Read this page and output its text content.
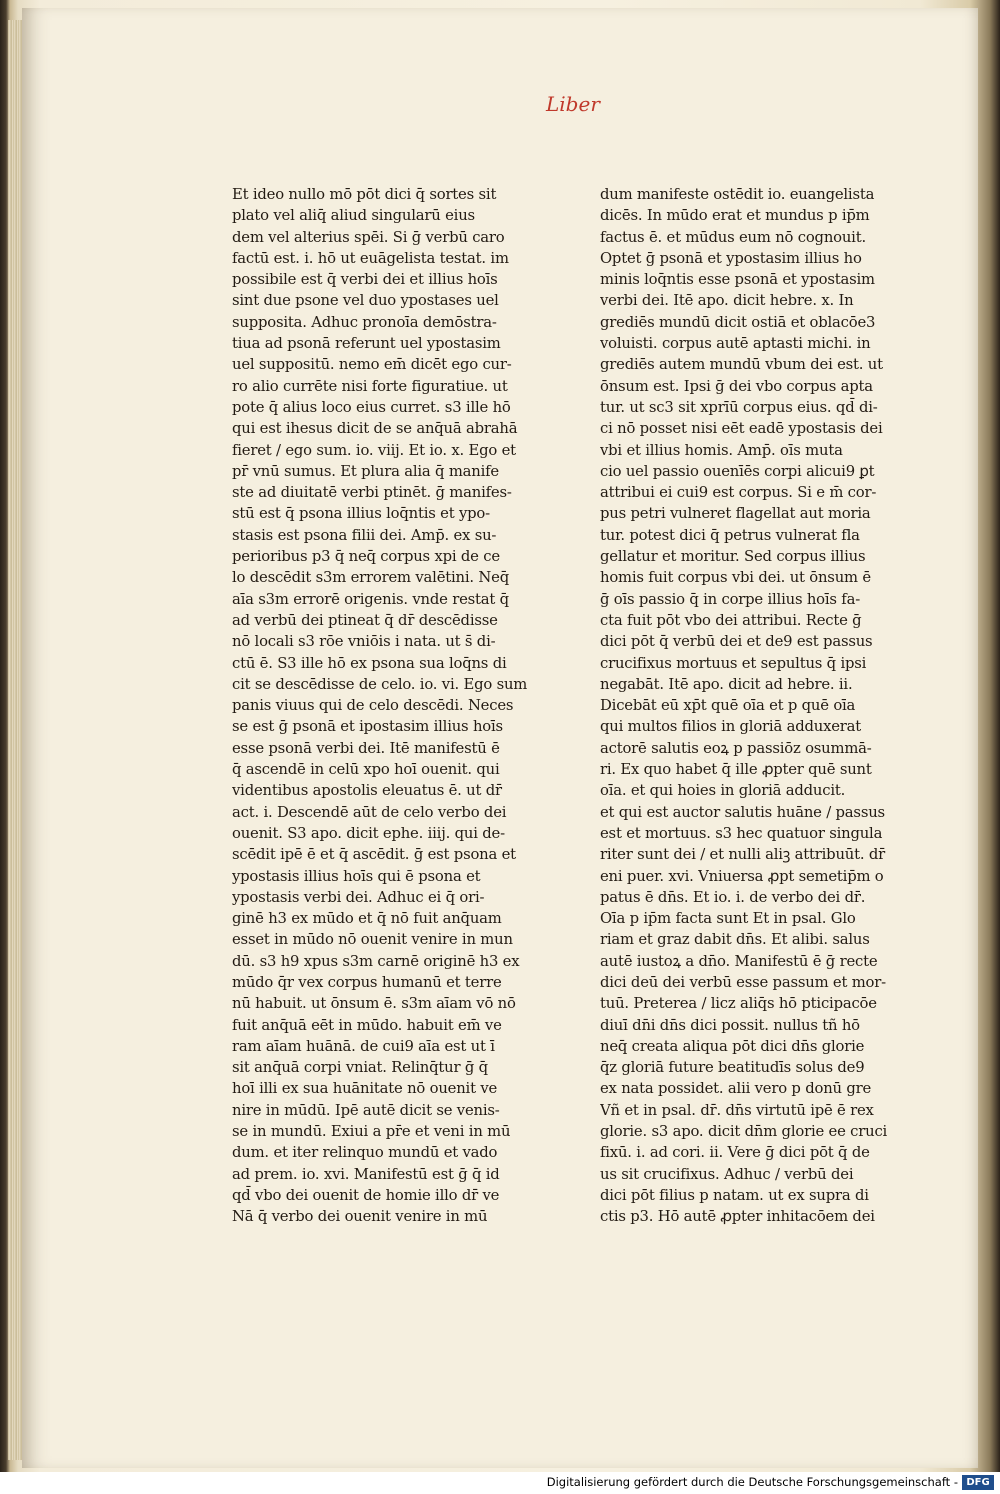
Liber
Et ideo nullo mō pōt dici q̄ sortes sit
plato vel aliq̄ aliud singularū eius
dem vel alterius spēi. Si ḡ verbū caro
factū est. i. hō ut euāgelista testat. im
possibile est q̄ verbi dei et illius hoīs
sint due psone vel duo ypostases uel
supposita. Adhuc pronoīa demōstra-
tiua ad psonā referunt uel ypostasim
uel suppositū. nemo em̄ dicēt ego cur-
ro alio currēte nisi forte figuratiue. ut
pote q̄ alius loco eius curret. s3 ille hō
qui est ihesus dicit de se anq̄uā abrahā
fieret / ego sum. io. viij. Et io. x. Ego et
pr̄ vnū sumus. Et plura alia q̄ manife
ste ad diuitatē verbi ptinēt. ḡ manifes-
stū est q̄ psona illius loq̄ntis et ypo-
stasis est psona filii dei. Amp̄. ex su-
perioribus p3 q̄ neq̄ corpus xpi de ce
lo descēdit s3m errorem valētini. Neq̄
aīa s3m errorē origenis. vnde restat q̄
ad verbū dei ptineat q̄ dr̄ descēdisse
nō locali s3 rōe vniōis i nata. ut s̄ di-
ctū ē. S3 ille hō ex psona sua loq̄ns di
cit se descēdisse de celo. io. vi. Ego sum
panis viuus qui de celo descēdi. Neces
se est ḡ psonā et ipostasim illius hoīs
esse psonā verbi dei. Itē manifestū ē
q̄ ascendē in celū xpo hoī ouenit. qui
videntibus apostolis eleuatus ē. ut dr̄
act. i. Descendē aūt de celo verbo dei
ouenit. S3 apo. dicit ephe. iiij. qui de-
scēdit ipē ē et q̄ ascēdit. ḡ est psona et
ypostasis illius hoīs qui ē psona et
ypostasis verbi dei. Adhuc ei q̄ ori-
ginē h3 ex mūdo et q̄ nō fuit anq̄uam
esset in mūdo nō ouenit venire in mun
dū. s3 h9 xpus s3m carnē originē h3 ex
mūdo q̄r vex corpus humanū et terre
nū habuit. ut ōnsum ē. s3m aīam vō nō
fuit anq̄uā eēt in mūdo. habuit em̄ ve
ram aīam huānā. de cui9 aīa est ut ī
sit anq̄uā corpi vniat. Relinq̄tur ḡ q̄
hoī illi ex sua huānitate nō ouenit ve
nire in mūdū. Ipē autē dicit se venis-
se in mundū. Exiui a pr̄e et veni in mū
dum. et iter relinquo mundū et vado
ad prem. io. xvi. Manifestū est ḡ q̄ id
qd̄ vbo dei ouenit de homie illo dr̄ ve
Nā q̄ verbo dei ouenit venire in mū
dum manifeste ostēdit io. euangelista
dicēs. In mūdo erat et mundus p ip̄m
factus ē. et mūdus eum nō cognouit.
Optet ḡ psonā et ypostasim illius ho
minis loq̄ntis esse psonā et ypostasim
verbi dei. Itē apo. dicit hebre. x. In
grediēs mundū dicit ostiā et oblacōe3
voluisti. corpus autē aptasti michi. in
grediēs autem mundū vbum dei est. ut
ōnsum est. Ipsi ḡ dei vbo corpus apta
tur. ut sc3 sit xprīū corpus eius. qd̄ di-
ci nō posset nisi eēt eadē ypostasis dei
vbi et illius homis. Amp̄. oīs muta
cio uel passio ouenīēs corpi alicui9 ꝑt
attribui ei cui9 est corpus. Si e m̄ cor-
pus petri vulneret flagellat aut moria
tur. potest dici q̄ petrus vulnerat fla
gellatur et moritur. Sed corpus illius
homis fuit corpus vbi dei. ut ōnsum ē
ḡ oīs passio q̄ in corpe illius hoīs fa-
cta fuit pōt vbo dei attribui. Recte ḡ
dici pōt q̄ verbū dei et de9 est passus
crucifixus mortuus et sepultus q̄ ipsi
negabāt. Itē apo. dicit ad hebre. ii.
Dicebāt eū xp̄t quē oīa et p quē oīa
qui multos filios in gloriā adduxerat
actorē salutis eoꝝ p passiōz osummā-
ri. Ex quo habet q̄ ille ꝓpter quē sunt
oīa. et qui hoies in gloriā adducit.
et qui est auctor salutis huāne / passus
est et mortuus. s3 hec quatuor singula
riter sunt dei / et nulli aliꝫ attribuūt. dr̄
eni puer. xvi. Vniuersa ꝓpt semetip̄m o
patus ē dn̄s. Et io. i. de verbo dei dr̄.
Oīa p ip̄m facta sunt Et in psal. Glo
riam et graz dabit dn̄s. Et alibi. salus
autē iustoꝝ a dn̄o. Manifestū ē ḡ recte
dici deū dei verbū esse passum et mor-
tuū. Preterea / licz aliq̄s hō pticipacōe
diuī dn̄i dn̄s dici possit. nullus tñ hō
neq̄ creata aliqua pōt dici dn̄s glorie
q̄z gloriā future beatitudīs solus de9
ex nata possidet. alii vero p donū gre
Vñ et in psal. dr̄. dn̄s virtutū ipē ē rex
glorie. s3 apo. dicit dn̄m glorie ee cruci
fixū. i. ad cori. ii. Vere ḡ dici pōt q̄ de
us sit crucifixus. Adhuc / verbū dei
dici pōt filius p natam. ut ex supra di
ctis p3. Hō autē ꝓpter inhitacōem dei
Digitalisierung gefördert durch die Deutsche Forschungsgemeinschaft - DFG
